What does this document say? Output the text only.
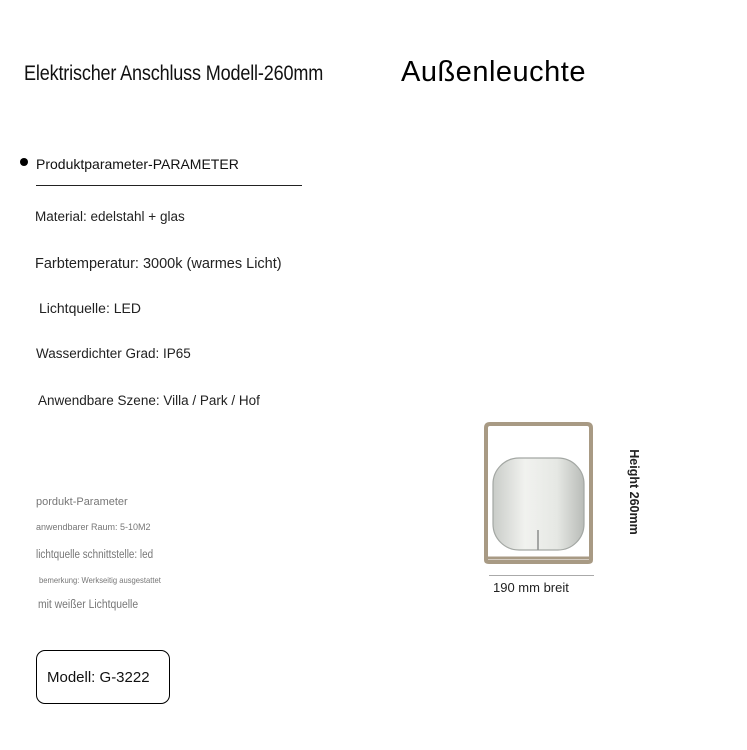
Elektrischer Anschluss Modell-260mm	Außenleuchte
Produktparameter-PARAMETER
Material: edelstahl + glas
Farbtemperatur: 3000k (warmes Licht)
Lichtquelle: LED
Wasserdichter Grad: IP65
Anwendbare Szene: Villa / Park / Hof
pordukt-Parameter
anwendbarer Raum: 5-10M2
lichtquelle schnittstelle: led
bemerkung: Werkseitig ausgestattet
mit weißer Lichtquelle
Modell: G-3222
Height 260mm
190 mm breit
